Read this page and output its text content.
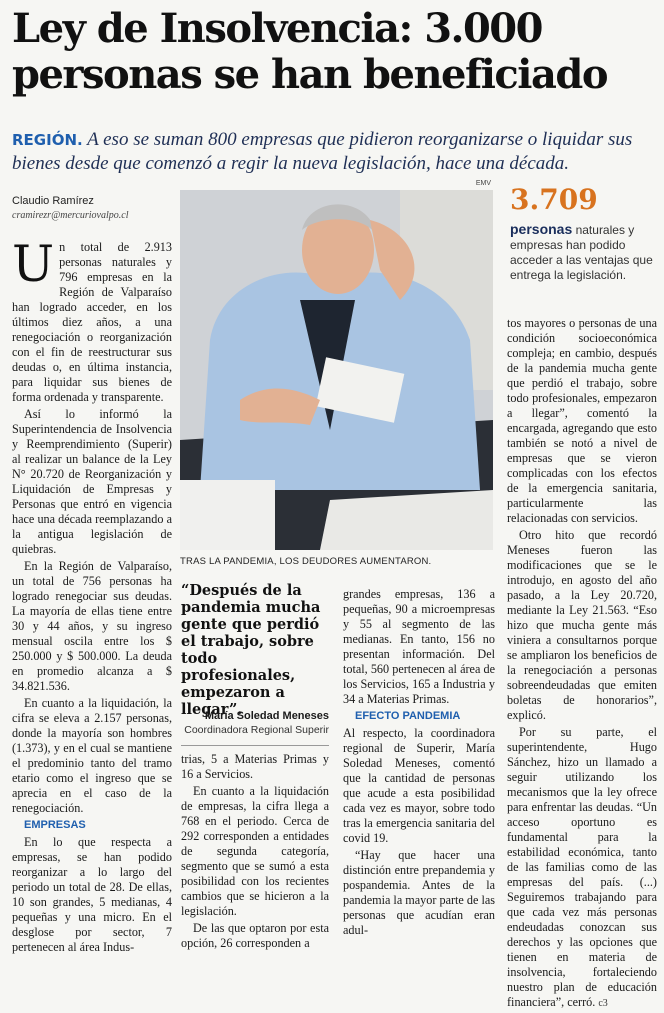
Ley de Insolvencia: 3.000
personas se han beneficiado
REGIÓN. A eso se suman 800 empresas que pidieron reorganizarse o liquidar sus bienes desde que comenzó a regir la nueva legislación, hace una década.
Claudio Ramírez
cramirezr@mercuriovalpo.cl

Un total de 2.913 personas naturales y 796 empresas en la Región de Valparaíso han logrado acceder, en los últimos diez años, a una renegociación o reorganización con el fin de reestructurar sus deudas o, en última instancia, para liquidar sus bienes de forma ordenada y transparente.

Así lo informó la Superintendencia de Insolvencia y Reemprendimiento (Superir) al realizar un balance de la Ley N° 20.720 de Reorganización y Liquidación de Empresas y Personas que entró en vigencia hace una década reemplazando a la antigua legislación de quiebras.

En la Región de Valparaíso, un total de 756 personas ha logrado renegociar sus deudas. La mayoría de ellas tiene entre 30 y 44 años, y su ingreso mensual oscila entre los $ 250.000 y $ 500.000. La deuda en promedio alcanza a $ 34.821.536.

En cuanto a la liquidación, la cifra se eleva a 2.157 personas, donde la mayoría son hombres (1.373), y en el cual se mantiene el predominio tanto del tramo etario como el ingreso que se aprecia en el caso de la renegociación.

EMPRESAS

En lo que respecta a empresas, se han podido reorganizar a lo largo del periodo un total de 28. De ellas, 10 son grandes, 5 medianas, 4 pequeñas y una micro. En el desglose por sector, 7 pertenecen al área Indus-

EMV
TRAS LA PANDEMIA, LOS DEUDORES AUMENTARON.
3.709
personas naturales y empresas han podido acceder a las ventajas que entrega la legislación.
“Después de la pandemia mucha gente que perdió el trabajo, sobre todo profesionales, empezaron a llegar”.
María Soledad Meneses
Coordinadora Regional Superir

trias, 5 a Materias Primas y 16 a Servicios.

En cuanto a la liquidación de empresas, la cifra llega a 768 en el periodo. Cerca de 292 corresponden a entidades de segunda categoría, segmento que se sumó a esta posibilidad con los recientes cambios que se hicieron a la legislación.

De las que optaron por esta opción, 26 corresponden a

grandes empresas, 136 a pequeñas, 90 a microempresas y 55 al segmento de las medianas. En tanto, 156 no presentan información. Del total, 560 pertenecen al área de los Servicios, 165 a Industria y 34 a Materias Primas.

EFECTO PANDEMIA

Al respecto, la coordinadora regional de Superir, María Soledad Meneses, comentó que la cantidad de personas que acude a esta posibilidad cada vez es mayor, sobre todo tras la emergencia sanitaria del covid 19.

“Hay que hacer una distinción entre prepandemia y pospandemia. Antes de la pandemia la mayor parte de las personas que acudían eran adul-

tos mayores o personas de una condición socioeconómica compleja; en cambio, después de la pandemia mucha gente que perdió el trabajo, sobre todo profesionales, empezaron a llegar”, comentó la encargada, agregando que esto también se notó a nivel de empresas que se vieron complicadas con los efectos de la emergencia sanitaria, particularmente las relacionadas con servicios.

Otro hito que recordó Meneses fueron las modificaciones que se le introdujo, en agosto del año pasado, a la Ley 20.720, mediante la Ley 21.563. “Eso hizo que mucha gente más viniera a consultarnos porque se ampliaron los beneficios de la renegociación a personas sobreendeudadas que emiten boletas de honorarios”, explicó.

Por su parte, el superintendente, Hugo Sánchez, hizo un llamado a seguir utilizando los mecanismos que la ley ofrece para enfrentar las deudas. “Un acceso oportuno es fundamental para la estabilidad económica, tanto de las familias como de las empresas del país. (...) Seguiremos trabajando para que cada vez más personas endeudadas conozcan sus derechos y las opciones que tienen en materia de insolvencia, fortaleciendo nuestro plan de educación financiera”, cerró. c3
